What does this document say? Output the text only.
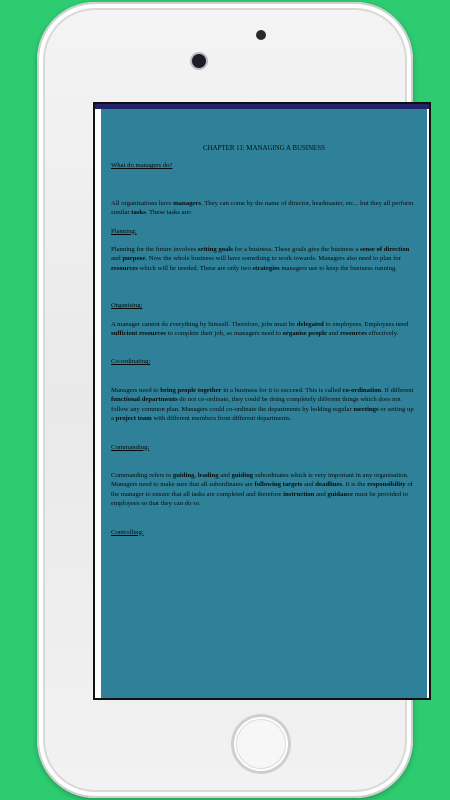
CHAPTER 11: MANAGING A BUSINESS

What do managers do?

All organizations have managers. They can come by the name of director, headmaster, etc... but they all perform similar tasks. These tasks are:

Planning:

Planning for the future involves setting goals for a business. These goals give the business a sense of direction and purpose. Now the whole business will have something to work towards. Managers also need to plan for resources which will be needed. These are only two strategies managers use to keep the business running.

Organising:

A manager cannot do everything by himself. Therefore, jobs must be delegated to employees. Employees need sufficient resources to complete their job, so managers need to organise people and resources effectively.

Co-ordinating:

Managers need to bring people together in a business for it to succeed. This is called co-ordination. If different functional departments do not co-ordinate, they could be doing completely different things which does not follow any common plan. Managers could co-ordinate the departments by holding regular meetings or setting up a project team with different members from different departments.

Commanding:

Commanding refers to guiding, leading and guiding subordinates which is very important in any organisation. Managers need to make sure that all subordinates are following targets and deadlines. It is the responsibility of the manager to ensure that all tasks are completed and therefore instruction and guidance must be provided to employees so that they can do so.

Controlling:
